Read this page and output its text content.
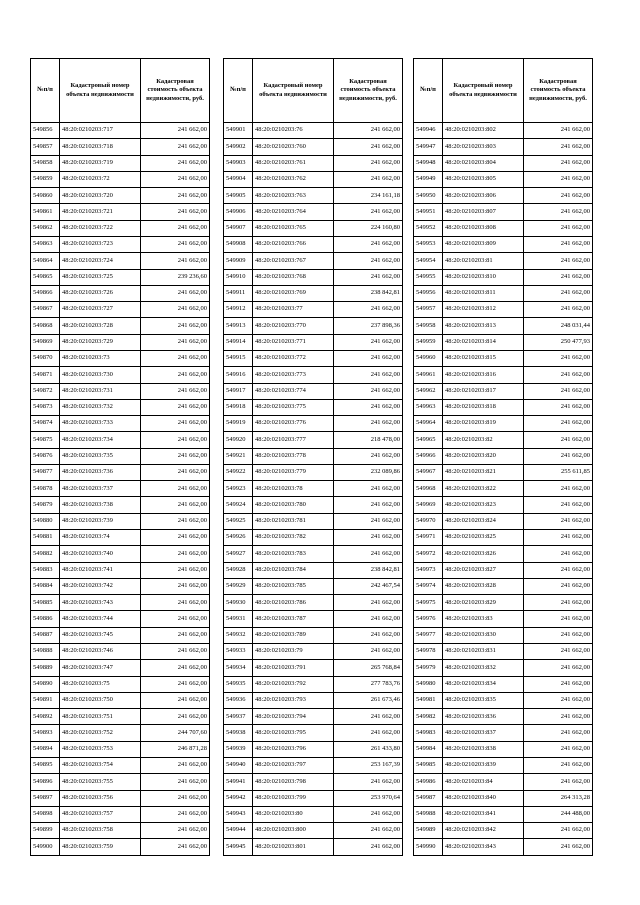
№п/п	Кадастровый номер объекта недвижимости	Кадастровая стоимость объекта недвижимости, руб.
549856	48:20:0210203:717	241 662,00
549857	48:20:0210203:718	241 662,00
549858	48:20:0210203:719	241 662,00
549859	48:20:0210203:72	241 662,00
549860	48:20:0210203:720	241 662,00
549861	48:20:0210203:721	241 662,00
549862	48:20:0210203:722	241 662,00
549863	48:20:0210203:723	241 662,00
549864	48:20:0210203:724	241 662,00
549865	48:20:0210203:725	239 236,60
549866	48:20:0210203:726	241 662,00
549867	48:20:0210203:727	241 662,00
549868	48:20:0210203:728	241 662,00
549869	48:20:0210203:729	241 662,00
549870	48:20:0210203:73	241 662,00
549871	48:20:0210203:730	241 662,00
549872	48:20:0210203:731	241 662,00
549873	48:20:0210203:732	241 662,00
549874	48:20:0210203:733	241 662,00
549875	48:20:0210203:734	241 662,00
549876	48:20:0210203:735	241 662,00
549877	48:20:0210203:736	241 662,00
549878	48:20:0210203:737	241 662,00
549879	48:20:0210203:738	241 662,00
549880	48:20:0210203:739	241 662,00
549881	48:20:0210203:74	241 662,00
549882	48:20:0210203:740	241 662,00
549883	48:20:0210203:741	241 662,00
549884	48:20:0210203:742	241 662,00
549885	48:20:0210203:743	241 662,00
549886	48:20:0210203:744	241 662,00
549887	48:20:0210203:745	241 662,00
549888	48:20:0210203:746	241 662,00
549889	48:20:0210203:747	241 662,00
549890	48:20:0210203:75	241 662,00
549891	48:20:0210203:750	241 662,00
549892	48:20:0210203:751	241 662,00
549893	48:20:0210203:752	244 707,60
549894	48:20:0210203:753	246 871,28
549895	48:20:0210203:754	241 662,00
549896	48:20:0210203:755	241 662,00
549897	48:20:0210203:756	241 662,00
549898	48:20:0210203:757	241 662,00
549899	48:20:0210203:758	241 662,00
549900	48:20:0210203:759	241 662,00
№п/п	Кадастровый номер объекта недвижимости	Кадастровая стоимость объекта недвижимости, руб.
549901	48:20:0210203:76	241 662,00
549902	48:20:0210203:760	241 662,00
549903	48:20:0210203:761	241 662,00
549904	48:20:0210203:762	241 662,00
549905	48:20:0210203:763	234 161,18
549906	48:20:0210203:764	241 662,00
549907	48:20:0210203:765	224 160,80
549908	48:20:0210203:766	241 662,00
549909	48:20:0210203:767	241 662,00
549910	48:20:0210203:768	241 662,00
549911	48:20:0210203:769	238 842,81
549912	48:20:0210203:77	241 662,00
549913	48:20:0210203:770	237 898,36
549914	48:20:0210203:771	241 662,00
549915	48:20:0210203:772	241 662,00
549916	48:20:0210203:773	241 662,00
549917	48:20:0210203:774	241 662,00
549918	48:20:0210203:775	241 662,00
549919	48:20:0210203:776	241 662,00
549920	48:20:0210203:777	218 478,00
549921	48:20:0210203:778	241 662,00
549922	48:20:0210203:779	232 089,86
549923	48:20:0210203:78	241 662,00
549924	48:20:0210203:780	241 662,00
549925	48:20:0210203:781	241 662,00
549926	48:20:0210203:782	241 662,00
549927	48:20:0210203:783	241 662,00
549928	48:20:0210203:784	238 842,81
549929	48:20:0210203:785	242 467,54
549930	48:20:0210203:786	241 662,00
549931	48:20:0210203:787	241 662,00
549932	48:20:0210203:789	241 662,00
549933	48:20:0210203:79	241 662,00
549934	48:20:0210203:791	265 768,84
549935	48:20:0210203:792	277 783,76
549936	48:20:0210203:793	261 673,46
549937	48:20:0210203:794	241 662,00
549938	48:20:0210203:795	241 662,00
549939	48:20:0210203:796	261 433,80
549940	48:20:0210203:797	253 167,39
549941	48:20:0210203:798	241 662,00
549942	48:20:0210203:799	253 970,64
549943	48:20:0210203:80	241 662,00
549944	48:20:0210203:800	241 662,00
549945	48:20:0210203:801	241 662,00
№п/п	Кадастровый номер объекта недвижимости	Кадастровая стоимость объекта недвижимости, руб.
549946	48:20:0210203:802	241 662,00
549947	48:20:0210203:803	241 662,00
549948	48:20:0210203:804	241 662,00
549949	48:20:0210203:805	241 662,00
549950	48:20:0210203:806	241 662,00
549951	48:20:0210203:807	241 662,00
549952	48:20:0210203:808	241 662,00
549953	48:20:0210203:809	241 662,00
549954	48:20:0210203:81	241 662,00
549955	48:20:0210203:810	241 662,00
549956	48:20:0210203:811	241 662,00
549957	48:20:0210203:812	241 662,00
549958	48:20:0210203:813	248 031,44
549959	48:20:0210203:814	250 477,93
549960	48:20:0210203:815	241 662,00
549961	48:20:0210203:816	241 662,00
549962	48:20:0210203:817	241 662,00
549963	48:20:0210203:818	241 662,00
549964	48:20:0210203:819	241 662,00
549965	48:20:0210203:82	241 662,00
549966	48:20:0210203:820	241 662,00
549967	48:20:0210203:821	255 611,85
549968	48:20:0210203:822	241 662,00
549969	48:20:0210203:823	241 662,00
549970	48:20:0210203:824	241 662,00
549971	48:20:0210203:825	241 662,00
549972	48:20:0210203:826	241 662,00
549973	48:20:0210203:827	241 662,00
549974	48:20:0210203:828	241 662,00
549975	48:20:0210203:829	241 662,00
549976	48:20:0210203:83	241 662,00
549977	48:20:0210203:830	241 662,00
549978	48:20:0210203:831	241 662,00
549979	48:20:0210203:832	241 662,00
549980	48:20:0210203:834	241 662,00
549981	48:20:0210203:835	241 662,00
549982	48:20:0210203:836	241 662,00
549983	48:20:0210203:837	241 662,00
549984	48:20:0210203:838	241 662,00
549985	48:20:0210203:839	241 662,00
549986	48:20:0210203:84	241 662,00
549987	48:20:0210203:840	264 313,28
549988	48:20:0210203:841	244 488,00
549989	48:20:0210203:842	241 662,00
549990	48:20:0210203:843	241 662,00
